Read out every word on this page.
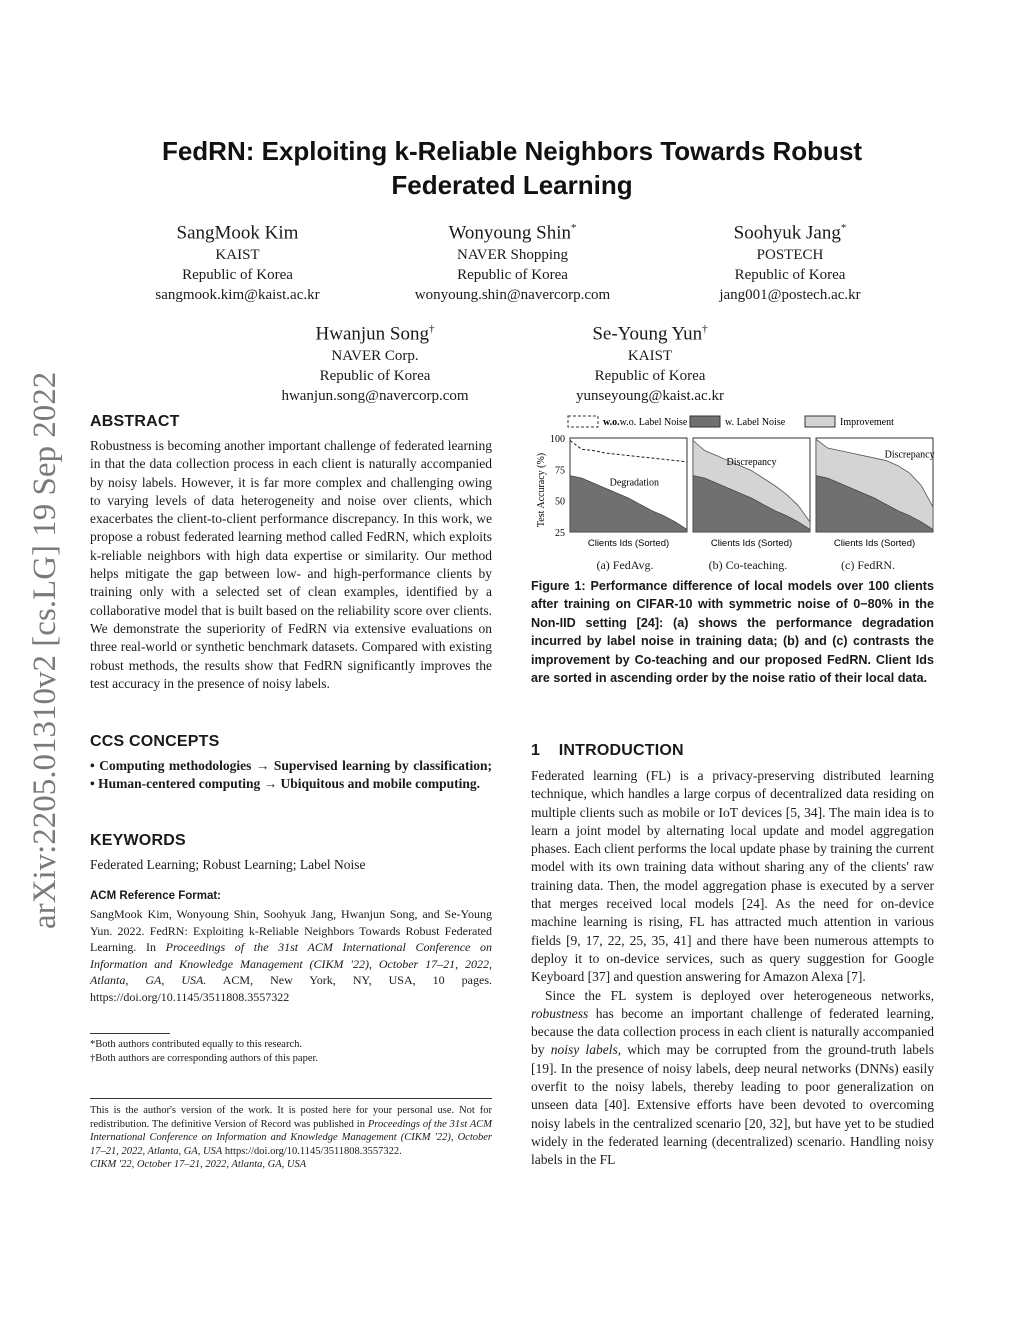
arXiv:2205.01310v2 [cs.LG] 19 Sep 2022
FedRN: Exploiting k-Reliable Neighbors Towards Robust
Federated Learning
SangMook Kim
KAIST
Republic of Korea
sangmook.kim@kaist.ac.kr
Wonyoung Shin*
NAVER Shopping
Republic of Korea
wonyoung.shin@navercorp.com
Soohyuk Jang*
POSTECH
Republic of Korea
jang001@postech.ac.kr
Hwanjun Song†
NAVER Corp.
Republic of Korea
hwanjun.song@navercorp.com
Se-Young Yun†
KAIST
Republic of Korea
yunseyoung@kaist.ac.kr
ABSTRACT
Robustness is becoming another important challenge of federated learning in that the data collection process in each client is naturally accompanied by noisy labels. However, it is far more complex and challenging owing to varying levels of data heterogeneity and noise over clients, which exacerbates the client-to-client performance discrepancy. In this work, we propose a robust federated learning method called FedRN, which exploits k-reliable neighbors with high data expertise or similarity. Our method helps mitigate the gap between low- and high-performance clients by training only with a selected set of clean examples, identified by a collaborative model that is built based on the reliability score over clients. We demonstrate the superiority of FedRN via extensive evaluations on three real-world or synthetic benchmark datasets. Compared with existing robust methods, the results show that FedRN significantly improves the test accuracy in the presence of noisy labels.
CCS CONCEPTS
• Computing methodologies → Supervised learning by classification; • Human-centered computing → Ubiquitous and mobile computing.
KEYWORDS
Federated Learning; Robust Learning; Label Noise
ACM Reference Format:
SangMook Kim, Wonyoung Shin, Soohyuk Jang, Hwanjun Song, and Se-Young Yun. 2022. FedRN: Exploiting k-Reliable Neighbors Towards Robust Federated Learning. In Proceedings of the 31st ACM International Conference on Information and Knowledge Management (CIKM '22), October 17–21, 2022, Atlanta, GA, USA. ACM, New York, NY, USA, 10 pages. https://doi.org/10.1145/3511808.3557322
*Both authors contributed equally to this research.
†Both authors are corresponding authors of this paper.
This is the author's version of the work. It is posted here for your personal use. Not for redistribution. The definitive Version of Record was published in Proceedings of the 31st ACM International Conference on Information and Knowledge Management (CIKM '22), October 17–21, 2022, Atlanta, GA, USA https://doi.org/10.1145/3511808.3557322.
CIKM '22, October 17–21, 2022, Atlanta, GA, USA
w.o.w.o. Label Noise	w. Label Noise	Improvement
Test Accuracy (%)
100
75
50
25
Degradation
Clients Ids (Sorted)
Discrepancy
Clients Ids (Sorted)
Discrepancy
Clients Ids (Sorted)
(a) FedAvg.	(b) Co-teaching.	(c) FedRN.
Figure 1: Performance difference of local models over 100 clients after training on CIFAR-10 with symmetric noise of 0−80% in the Non-IID setting [24]: (a) shows the performance degradation incurred by label noise in training data; (b) and (c) contrasts the improvement by Co-teaching and our proposed FedRN. Client Ids are sorted in ascending order by the noise ratio of their local data.
1 INTRODUCTION

Federated learning (FL) is a privacy-preserving distributed learning technique, which handles a large corpus of decentralized data residing on multiple clients such as mobile or IoT devices [5, 34]. The main idea is to learn a joint model by alternating local update and model aggregation phases. Each client performs the local update phase by training the current model with its own training data without sharing any of the clients' raw training data. Then, the model aggregation phase is executed by a server that merges received local models [24]. As the need for on-device machine learning is rising, FL has attracted much attention in various fields [9, 17, 22, 25, 35, 41] and there have been numerous attempts to deploy it to on-device services, such as query suggestion for Google Keyboard [37] and question answering for Amazon Alexa [7].

Since the FL system is deployed over heterogeneous networks, robustness has become an important challenge of federated learning, because the data collection process in each client is naturally accompanied by noisy labels, which may be corrupted from the ground-truth labels [19]. In the presence of noisy labels, deep neural networks (DNNs) easily overfit to the noisy labels, thereby leading to poor generalization on unseen data [40]. Extensive efforts have been devoted to overcoming noisy labels in the centralized scenario [20, 32], but have yet to be studied widely in the federated learning (decentralized) scenario. Handling noisy labels in the FL
